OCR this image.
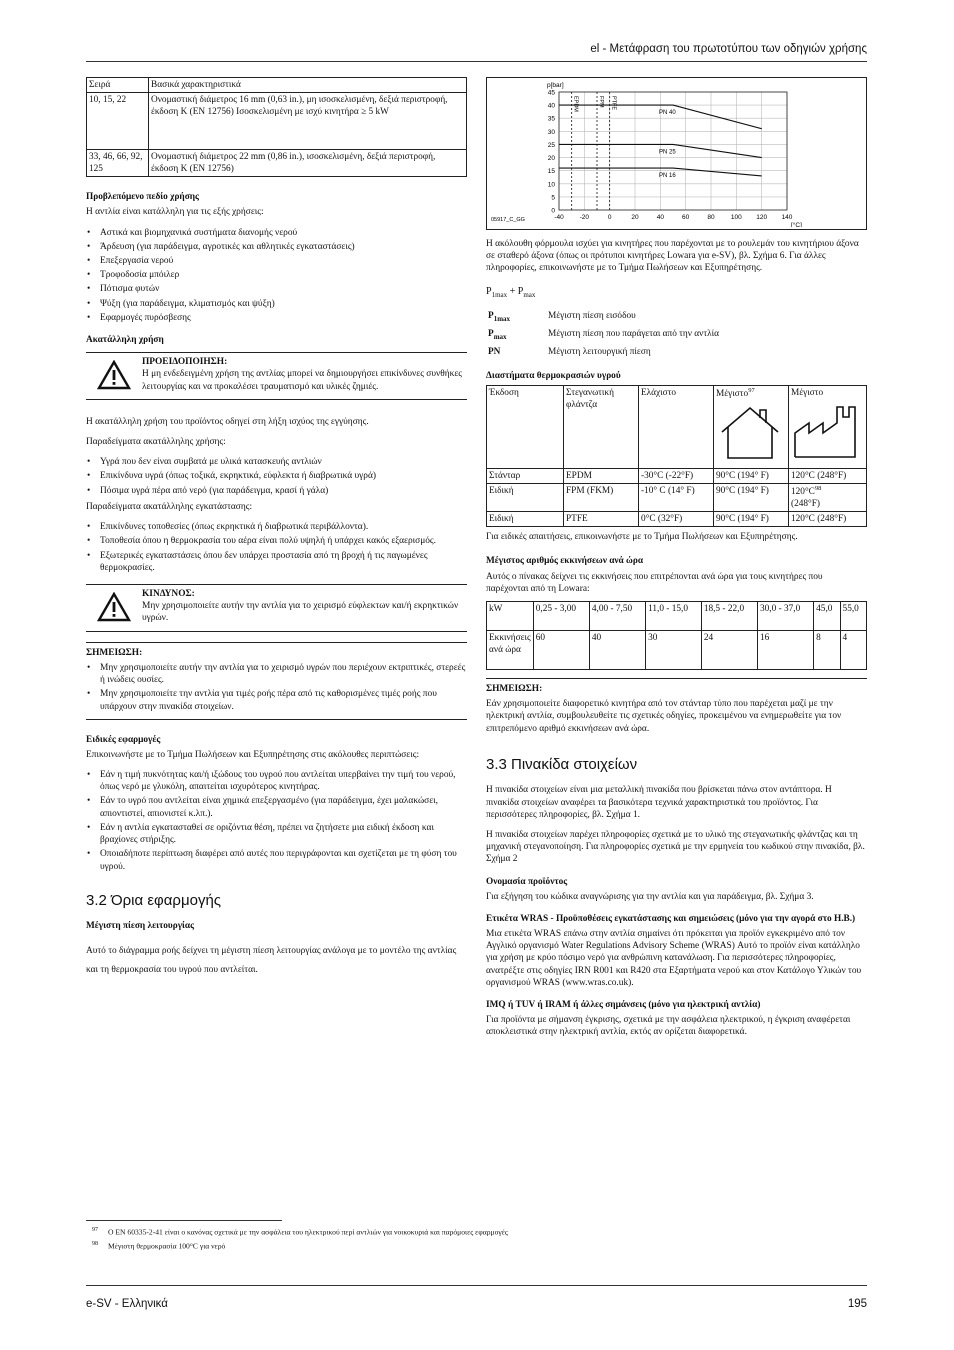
el - Μετάφραση του πρωτοτύπου των οδηγιών χρήσης
Σειρά	Βασικά χαρακτηριστικά
10, 15, 22	Ονομαστική διάμετρος 16 mm (0,63 in.), μη ισοσκελισμένη, δεξιά περιστροφή, έκδοση K (EN 12756) Ισοσκελισμένη με ισχύ κινητήρα ≥ 5 kW
33, 46, 66, 92, 125	Ονομαστική διάμετρος 22 mm (0,86 in.), ισοσκελισμένη, δεξιά περιστροφή, έκδοση K (EN 12756)
Προβλεπόμενο πεδίο χρήσης

Η αντλία είναι κατάλληλη για τις εξής χρήσεις:

• Αστικά και βιομηχανικά συστήματα διανομής νερού
• Άρδευση (για παράδειγμα, αγροτικές και αθλητικές εγκαταστάσεις)
• Επεξεργασία νερού
• Τροφοδοσία μπόιλερ
• Πότισμα φυτών
• Ψύξη (για παράδειγμα, κλιματισμός και ψύξη)
• Εφαρμογές πυρόσβεσης
Ακατάλληλη χρήση
ΠΡΟΕΙΔΟΠΟΙΗΣΗ:
Η μη ενδεδειγμένη χρήση της αντλίας μπορεί να δημιουργήσει επικίνδυνες συνθήκες λειτουργίας και να προκαλέσει τραυματισμό και υλικές ζημιές.

Η ακατάλληλη χρήση του προϊόντος οδηγεί στη λήξη ισχύος της εγγύησης.

Παραδείγματα ακατάλληλης χρήσης:

• Υγρά που δεν είναι συμβατά με υλικά κατασκευής αντλιών
• Επικίνδυνα υγρά (όπως τοξικά, εκρηκτικά, εύφλεκτα ή διαβρωτικά υγρά)
• Πόσιμα υγρά πέρα από νερό (για παράδειγμα, κρασί ή γάλα)

Παραδείγματα ακατάλληλης εγκατάστασης:

• Επικίνδυνες τοποθεσίες (όπως εκρηκτικά ή διαβρωτικά περιβάλλοντα).
• Τοποθεσία όπου η θερμοκρασία του αέρα είναι πολύ υψηλή ή υπάρχει κακός εξαερισμός.
• Εξωτερικές εγκαταστάσεις όπου δεν υπάρχει προστασία από τη βροχή ή τις παγωμένες θερμοκρασίες.
ΚΙΝΔΥΝΟΣ:
Μην χρησιμοποιείτε αυτήν την αντλία για το χειρισμό εύφλεκτων και/ή εκρηκτικών υγρών.
ΣΗΜΕΙΩΣΗ:
• Μην χρησιμοποιείτε αυτήν την αντλία για το χειρισμό υγρών που περιέχουν εκτριπτικές, στερεές ή ινώδεις ουσίες.
• Μην χρησιμοποιείτε την αντλία για τιμές ροής πέρα από τις καθορισμένες τιμές ροής που υπάρχουν στην πινακίδα στοιχείων.
Ειδικές εφαρμογές

Επικοινωνήστε με το Τμήμα Πωλήσεων και Εξυπηρέτησης στις ακόλουθες περιπτώσεις:

• Εάν η τιμή πυκνότητας και/ή ιξώδους του υγρού που αντλείται υπερβαίνει την τιμή του νερού, όπως νερό με γλυκόλη, απαιτείται ισχυρότερος κινητήρας.
• Εάν το υγρό που αντλείται είναι χημικά επεξεργασμένο (για παράδειγμα, έχει μαλακώσει, απιοντιστεί, απιονιστεί κ.λπ.).
• Εάν η αντλία εγκατασταθεί σε οριζόντια θέση, πρέπει να ζητήσετε μια ειδική έκδοση και βραχίονες στήριξης.
• Οποιαδήποτε περίπτωση διαφέρει από αυτές που περιγράφονται και σχετίζεται με τη φύση του υγρού.
3.2 Όρια εφαρμογής
Μέγιστη πίεση λειτουργίας

Αυτό το διάγραμμα ροής δείχνει τη μέγιστη πίεση λειτουργίας ανάλογα με το μοντέλο της αντλίας και τη θερμοκρασία του υγρού που αντλείται.

0
5
10
15
20
25
30
35
40
45
-40 -20	0	20	40	60	80	100 120 140
p[bar]
[°C]
05917_C_GG
EPDM	FPM PTFE
PN 40
PN 25
PN 16

Η ακόλουθη φόρμουλα ισχύει για κινητήρες που παρέχονται με το ρουλεμάν του κινητήριου άξονα σε σταθερό άξονα (όπως οι πρότυποι κινητήρες Lowara για e-SV), βλ. Σχήμα 6. Για άλλες πληροφορίες, επικοινωνήστε με το Τμήμα Πωλήσεων και Εξυπηρέτησης.

$P_{1max} + P_{max}$

$P_{1max}$	Μέγιστη πίεση εισόδου
$P_{max}$	Μέγιστη πίεση που παράγεται από την αντλία
PN	Μέγιστη λειτουργική πίεση
Διαστήματα θερμοκρασιών υγρού
Έκδοση	Στεγανωτική φλάντζα	Ελάχιστο	Μέγιστο$^{97}$	Μέγιστο

Στάνταρ	EPDM	-30°C (-22°F)	90°C (194° F)	120°C (248°F)
Ειδική	FPM (FKM)	-10° C (14° F)	90°C (194° F)	$120^\circ C^{98}$
(248°F)
Ειδική	PTFE	0°C (32°F)	90°C (194° F)	120°C (248°F)

Για ειδικές απαιτήσεις, επικοινωνήστε με το Τμήμα Πωλήσεων και Εξυπηρέτησης.

Μέγιστος αριθμός εκκινήσεων ανά ώρα

Αυτός ο πίνακας δείχνει τις εκκινήσεις που επιτρέπονται ανά ώρα για τους κινητήρες που παρέχονται από τη Lowara:

kW	0,25 - 3,00	4,00 - 7,50	11,0 - 15,0	18,5 - 22,0	30,0 - 37,0	45,0	55,0
Εκκινήσεις ανά ώρα	60	40	30	24	16	8	4
ΣΗΜΕΙΩΣΗ:
Εάν χρησιμοποιείτε διαφορετικό κινητήρα από τον στάνταρ τύπο που παρέχεται μαζί με την ηλεκτρική αντλία, συμβουλευθείτε τις σχετικές οδηγίες, προκειμένου να ενημερωθείτε για τον επιτρεπόμενο αριθμό εκκινήσεων ανά ώρα.
3.3 Πινακίδα στοιχείων

Η πινακίδα στοιχείων είναι μια μεταλλική πινακίδα που βρίσκεται πάνω στον αντάπτορα. Η πινακίδα στοιχείων αναφέρει τα βασικότερα τεχνικά χαρακτηριστικά του προϊόντος. Για περισσότερες πληροφορίες, βλ. Σχήμα 1.

Η πινακίδα στοιχείων παρέχει πληροφορίες σχετικά με το υλικό της στεγανωτικής φλάντζας και τη μηχανική στεγανοποίηση. Για πληροφορίες σχετικά με την ερμηνεία του κωδικού στην πινακίδα, βλ. Σχήμα 2

Ονομασία προϊόντος

Για εξήγηση του κώδικα αναγνώρισης για την αντλία και για παράδειγμα, βλ. Σχήμα 3.

Ετικέτα WRAS - Προϋποθέσεις εγκατάστασης και σημειώσεις (μόνο για την αγορά στο Η.Β.)

Μια ετικέτα WRAS επάνω στην αντλία σημαίνει ότι πρόκειται για προϊόν εγκεκριμένο από τον Αγγλικό οργανισμό Water Regulations Advisory Scheme (WRAS) Αυτό το προϊόν είναι κατάλληλο για χρήση με κρύο πόσιμο νερό για ανθρώπινη κατανάλωση. Για περισσότερες πληροφορίες, ανατρέξτε στις οδηγίες IRN R001 και R420 στα Εξαρτήματα νερού και στον Κατάλογο Υλικών του οργανισμού WRAS (www.wras.co.uk).

IMQ ή TUV ή IRAM ή άλλες σημάνσεις (μόνο για ηλεκτρική αντλία)

Για προϊόντα με σήμανση έγκρισης, σχετικά με την ασφάλεια ηλεκτρικού, η έγκριση αναφέρεται αποκλειστικά στην ηλεκτρική αντλία, εκτός αν ορίζεται διαφορετικά.

$^{97}$ Ο EN 60335-2-41 είναι ο κανόνας σχετικά με την ασφάλεια του ηλεκτρικού περί αντλιών για νοικοκυριά και παρόμοιες εφαρμογές
$^{98}$ Μέγιστη θερμοκρασία 100°C για νερό
e-SV - Ελληνικά	195
